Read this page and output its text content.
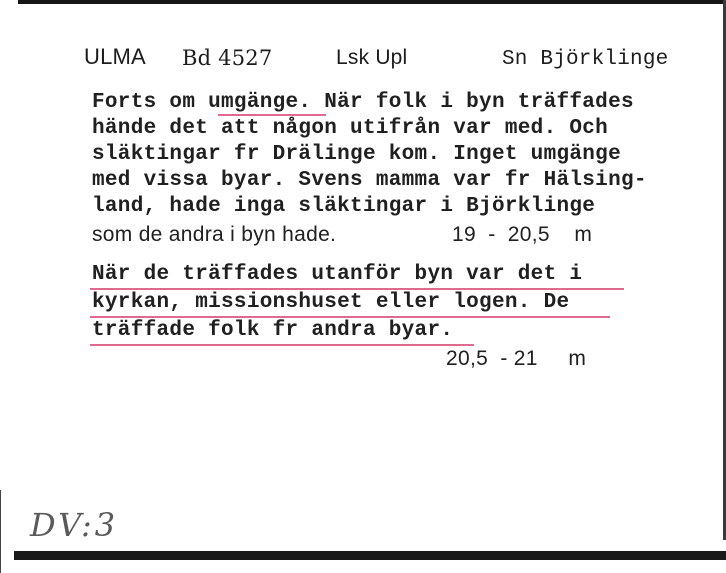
ULMA Bd 4527	Lsk Upl	Sn Björklinge
Forts om umgänge. När folk i byn träffades
hände det att någon utifrån var med. Och
släktingar fr Drälinge kom. Inget umgänge
med vissa byar. Svens mamma var fr Hälsing-
land, hade inga släktingar i Björklinge
som de andra i byn hade.	19  -  20,5    m
När de träffades utanför byn var det i
kyrkan, missionshuset eller logen. De
träffade folk fr andra byar.
20,5  - 21     m
DV:3
